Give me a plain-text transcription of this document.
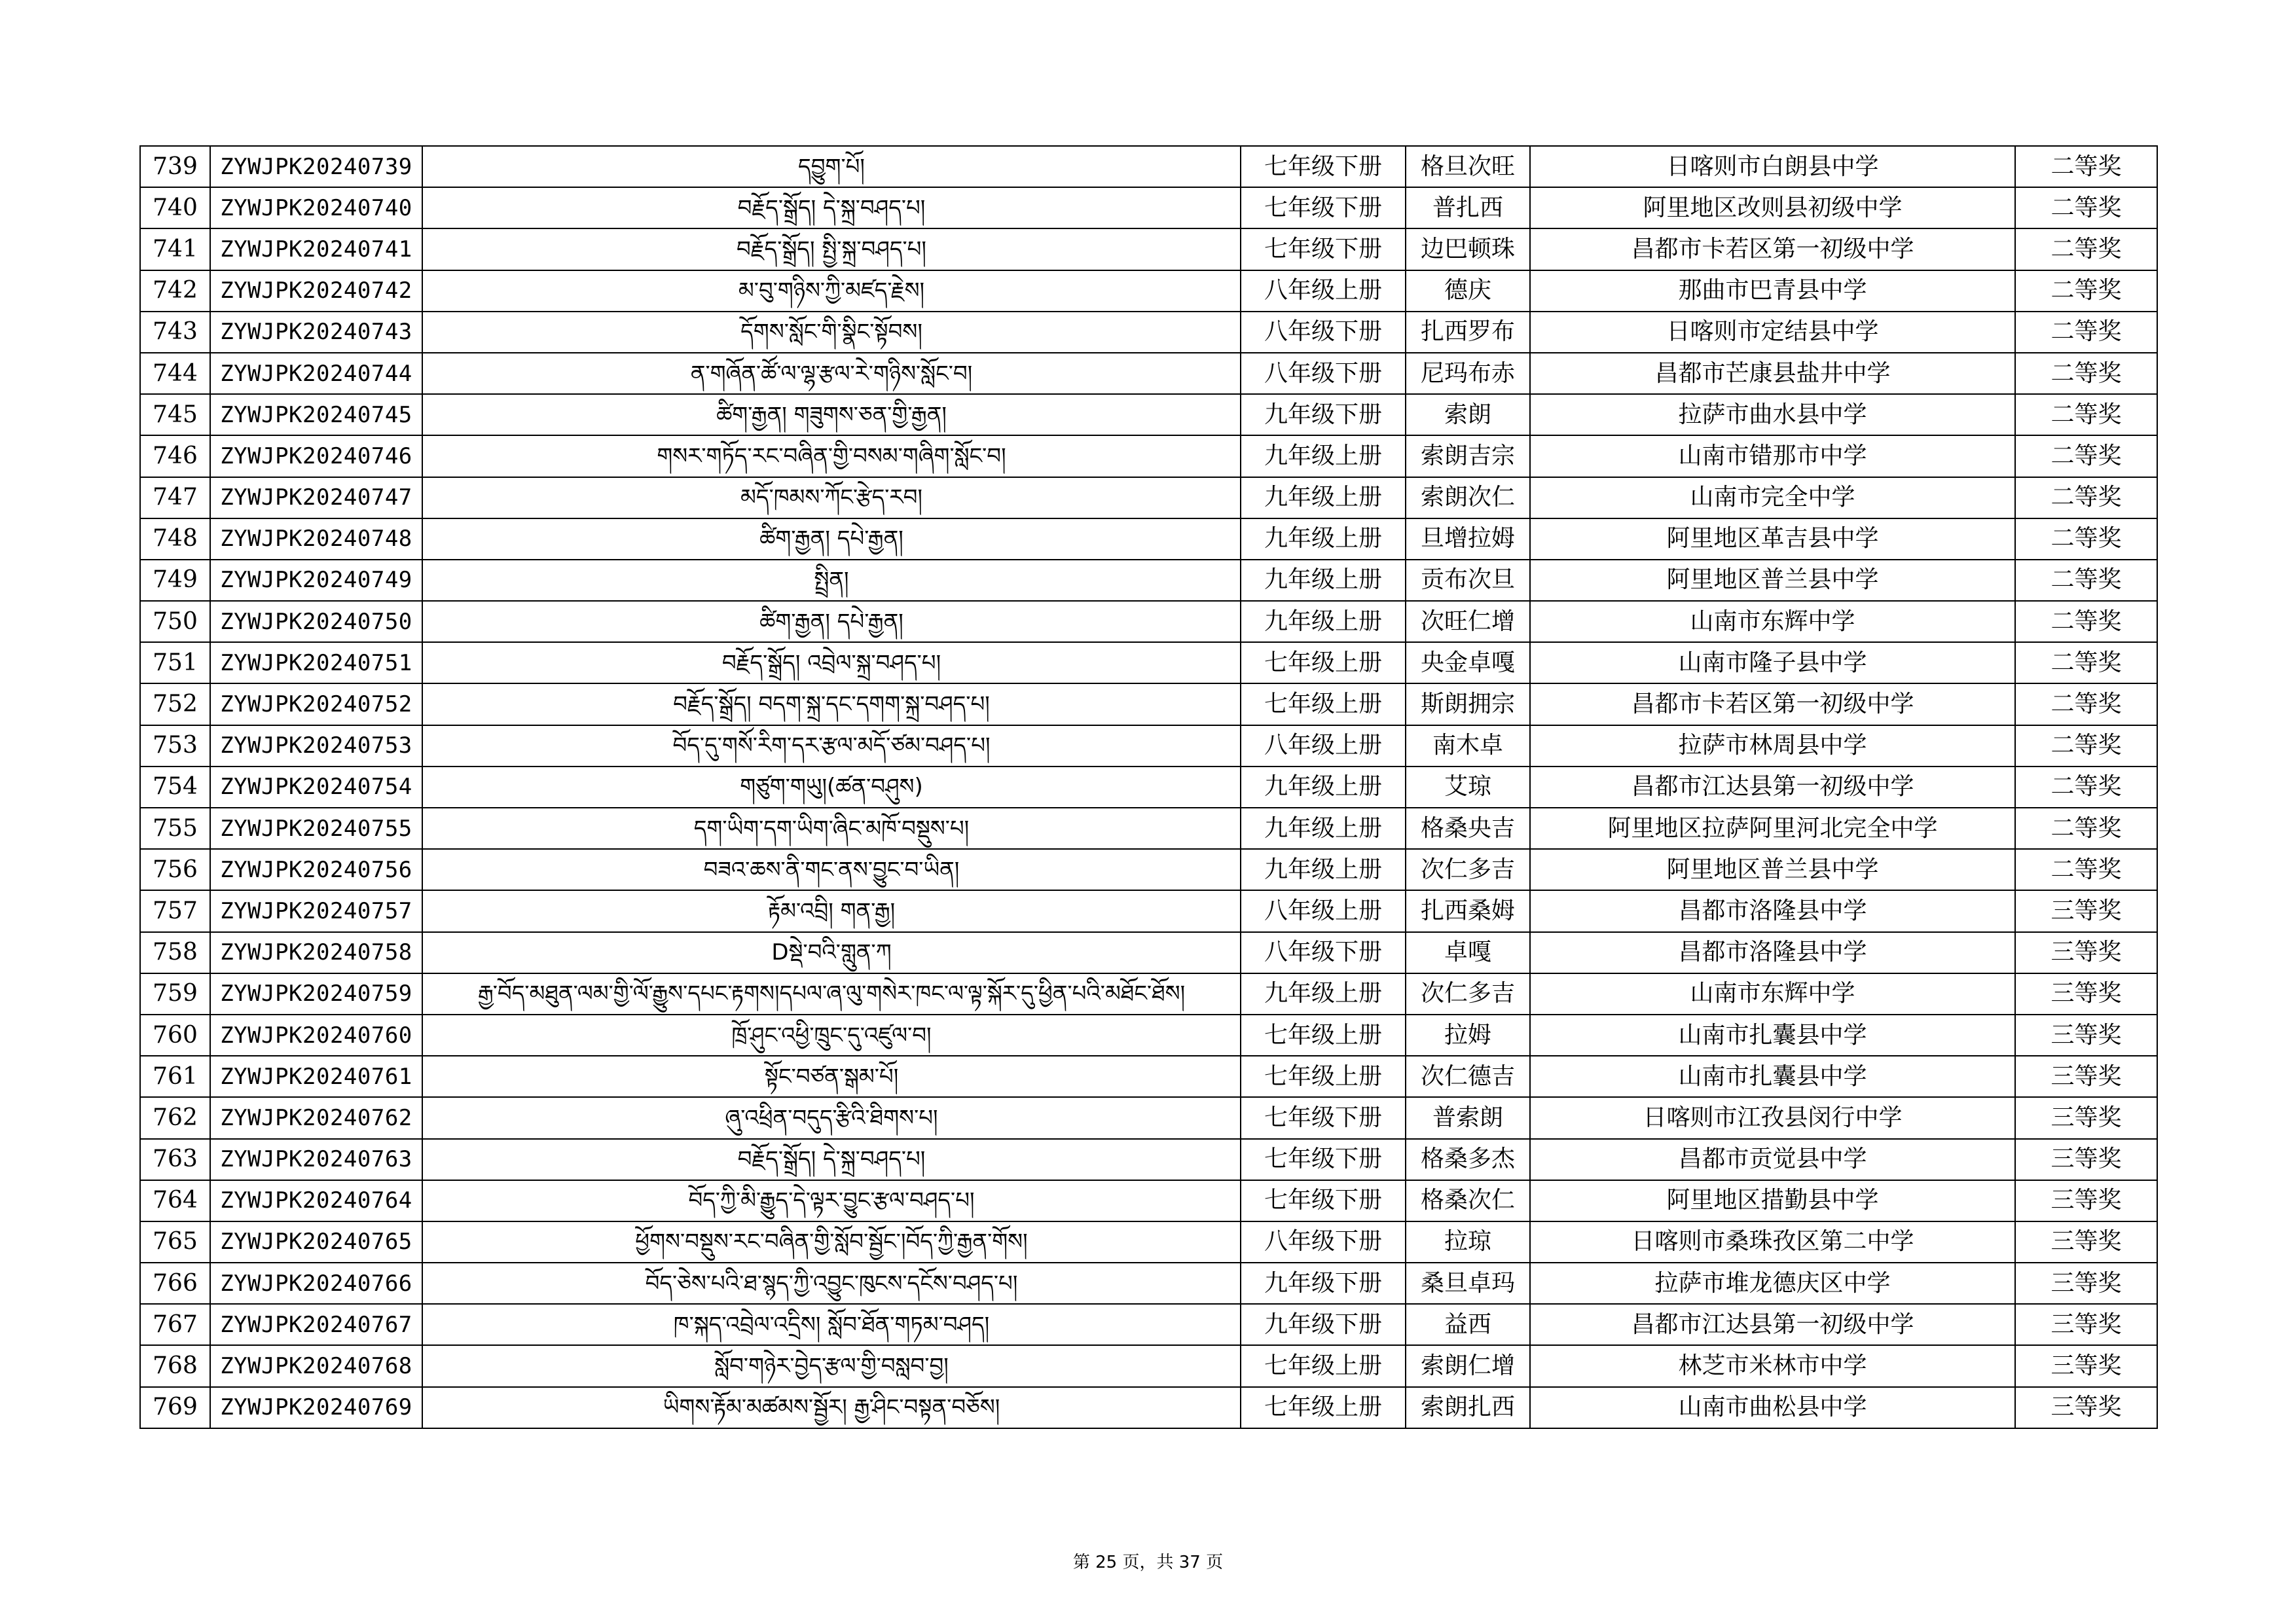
739	ZYWJPK20240739	དབྱུག་པོ།	七年级下册	格旦次旺	日喀则市白朗县中学	二等奖
740	ZYWJPK20240740	བརྗོད་སྒྲོད། དེ་སྐྲ་བཤད་པ།	七年级下册	普扎西	阿里地区改则县初级中学	二等奖
741	ZYWJPK20240741	བརྗོད་སྒྲོད། སྤྱི་སྐྲ་བཤད་པ།	七年级下册	边巴顿珠	昌都市卡若区第一初级中学	二等奖
742	ZYWJPK20240742	མ་བུ་གཉིས་ཀྱི་མཛད་རྗེས།	八年级上册	德庆	那曲市巴青县中学	二等奖
743	ZYWJPK20240743	དོགས་སློང་གི་སྣིང་སྟོབས།	八年级下册	扎西罗布	日喀则市定结县中学	二等奖
744	ZYWJPK20240744	ན་གཞོན་ཚོ་ལ་ལྷ་རྩལ་རེ་གཉིས་སློང་བ།	八年级下册	尼玛布赤	昌都市芒康县盐井中学	二等奖
745	ZYWJPK20240745	ཚིག་རྒྱན། གཟུགས་ཅན་གྱི་རྒྱན།	九年级下册	索朗	拉萨市曲水县中学	二等奖
746	ZYWJPK20240746	གསར་གཏོད་རང་བཞིན་གྱི་བསམ་གཞིག་སློང་བ།	九年级上册	索朗吉宗	山南市错那市中学	二等奖
747	ZYWJPK20240747	མདོ་ཁམས་ཀོང་རྩེད་རབ།	九年级上册	索朗次仁	山南市完全中学	二等奖
748	ZYWJPK20240748	ཚིག་རྒྱན། དཔེ་རྒྱན།	九年级上册	旦增拉姆	阿里地区革吉县中学	二等奖
749	ZYWJPK20240749	སྤྲིན།	九年级上册	贡布次旦	阿里地区普兰县中学	二等奖
750	ZYWJPK20240750	ཚིག་རྒྱན། དཔེ་རྒྱན།	九年级上册	次旺仁增	山南市东辉中学	二等奖
751	ZYWJPK20240751	བརྗོད་སྒྲོད། འབྲེལ་སྐྲ་བཤད་པ།	七年级上册	央金卓嘎	山南市隆子县中学	二等奖
752	ZYWJPK20240752	བརྗོད་སྒྲོད། བདག་སྐྲ་དང་དགག་སྐྲ་བཤད་པ།	七年级上册	斯朗拥宗	昌都市卡若区第一初级中学	二等奖
753	ZYWJPK20240753	བོད་དུ་གསོ་རིག་དར་རྩལ་མདོ་ཙམ་བཤད་པ།	八年级上册	南木卓	拉萨市林周县中学	二等奖
754	ZYWJPK20240754	གཙུག་གཡུ།(ཚན་བཤུས)	九年级上册	艾琼	昌都市江达县第一初级中学	二等奖
755	ZYWJPK20240755	དག་ཡིག་དག་ཡིག་ཞིང་མཁོ་བསྡུས་པ།	九年级上册	格桑央吉	阿里地区拉萨阿里河北完全中学	二等奖
756	ZYWJPK20240756	བཟའ་ཆས་ནི་གང་ནས་བྱུང་བ་ཡིན།	九年级上册	次仁多吉	阿里地区普兰县中学	二等奖
757	ZYWJPK20240757	རྟོམ་འབྲི། གན་རྒྱ།	八年级上册	扎西桑姆	昌都市洛隆县中学	三等奖
758	ZYWJPK20240758	Dསྡེ་བའི་གླུན་ཀ	八年级下册	卓嘎	昌都市洛隆县中学	三等奖
759	ZYWJPK20240759	རྒྱ་བོད་མཐུན་ལམ་གྱི་ལོ་རྒྱུས་དཔང་རྟགས།དཔལ་ཞ་ལུ་གསེར་ཁང་ལ་ལྟ་སྐོར་དུ་ཕྱིན་པའི་མཐོང་ཐོས།	九年级上册	次仁多吉	山南市东辉中学	三等奖
760	ZYWJPK20240760	ཁྲོ་ཤུང་འཕྱི་ཁྲུང་དུ་འཛུལ་བ།	七年级上册	拉姆	山南市扎囊县中学	三等奖
761	ZYWJPK20240761	སྟོང་བཙན་སྒམ་པོ།	七年级上册	次仁德吉	山南市扎囊县中学	三等奖
762	ZYWJPK20240762	ཞུ་འཕྲིན་བདུད་རྩིའི་ཐིགས་པ།	七年级下册	普索朗	日喀则市江孜县闵行中学	三等奖
763	ZYWJPK20240763	བརྗོད་སྒྲོད། དེ་སྐྲ་བཤད་པ།	七年级下册	格桑多杰	昌都市贡觉县中学	三等奖
764	ZYWJPK20240764	བོད་ཀྱི་མི་རྒྱུད་དེ་ལྟར་བྱུང་རྩལ་བཤད་པ།	七年级下册	格桑次仁	阿里地区措勤县中学	三等奖
765	ZYWJPK20240765	ཕྱོགས་བསྡུས་རང་བཞིན་གྱི་སློབ་སྦྱོང་།བོད་ཀྱི་རྒྱན་གོས།	八年级下册	拉琼	日喀则市桑珠孜区第二中学	三等奖
766	ZYWJPK20240766	བོད་ཅེས་པའི་ཐ་སྙད་ཀྱི་འབྱུང་ཁུངས་དངོས་བཤད་པ།	九年级下册	桑旦卓玛	拉萨市堆龙德庆区中学	三等奖
767	ZYWJPK20240767	ཁ་སྐད་འབྲེལ་འདྲིས། སློབ་ཐོན་གཏམ་བཤད།	九年级下册	益西	昌都市江达县第一初级中学	三等奖
768	ZYWJPK20240768	སློབ་གཉེར་བྱེད་རྩལ་གྱི་བསླབ་བྱ།	七年级上册	索朗仁增	林芝市米林市中学	三等奖
769	ZYWJPK20240769	ཡིགས་རྟོམ་མཚམས་སྦྱོར། རྒྱ་ཤིང་བསྟན་བཅོས།	七年级上册	索朗扎西	山南市曲松县中学	三等奖
第 25 页，共 37 页
